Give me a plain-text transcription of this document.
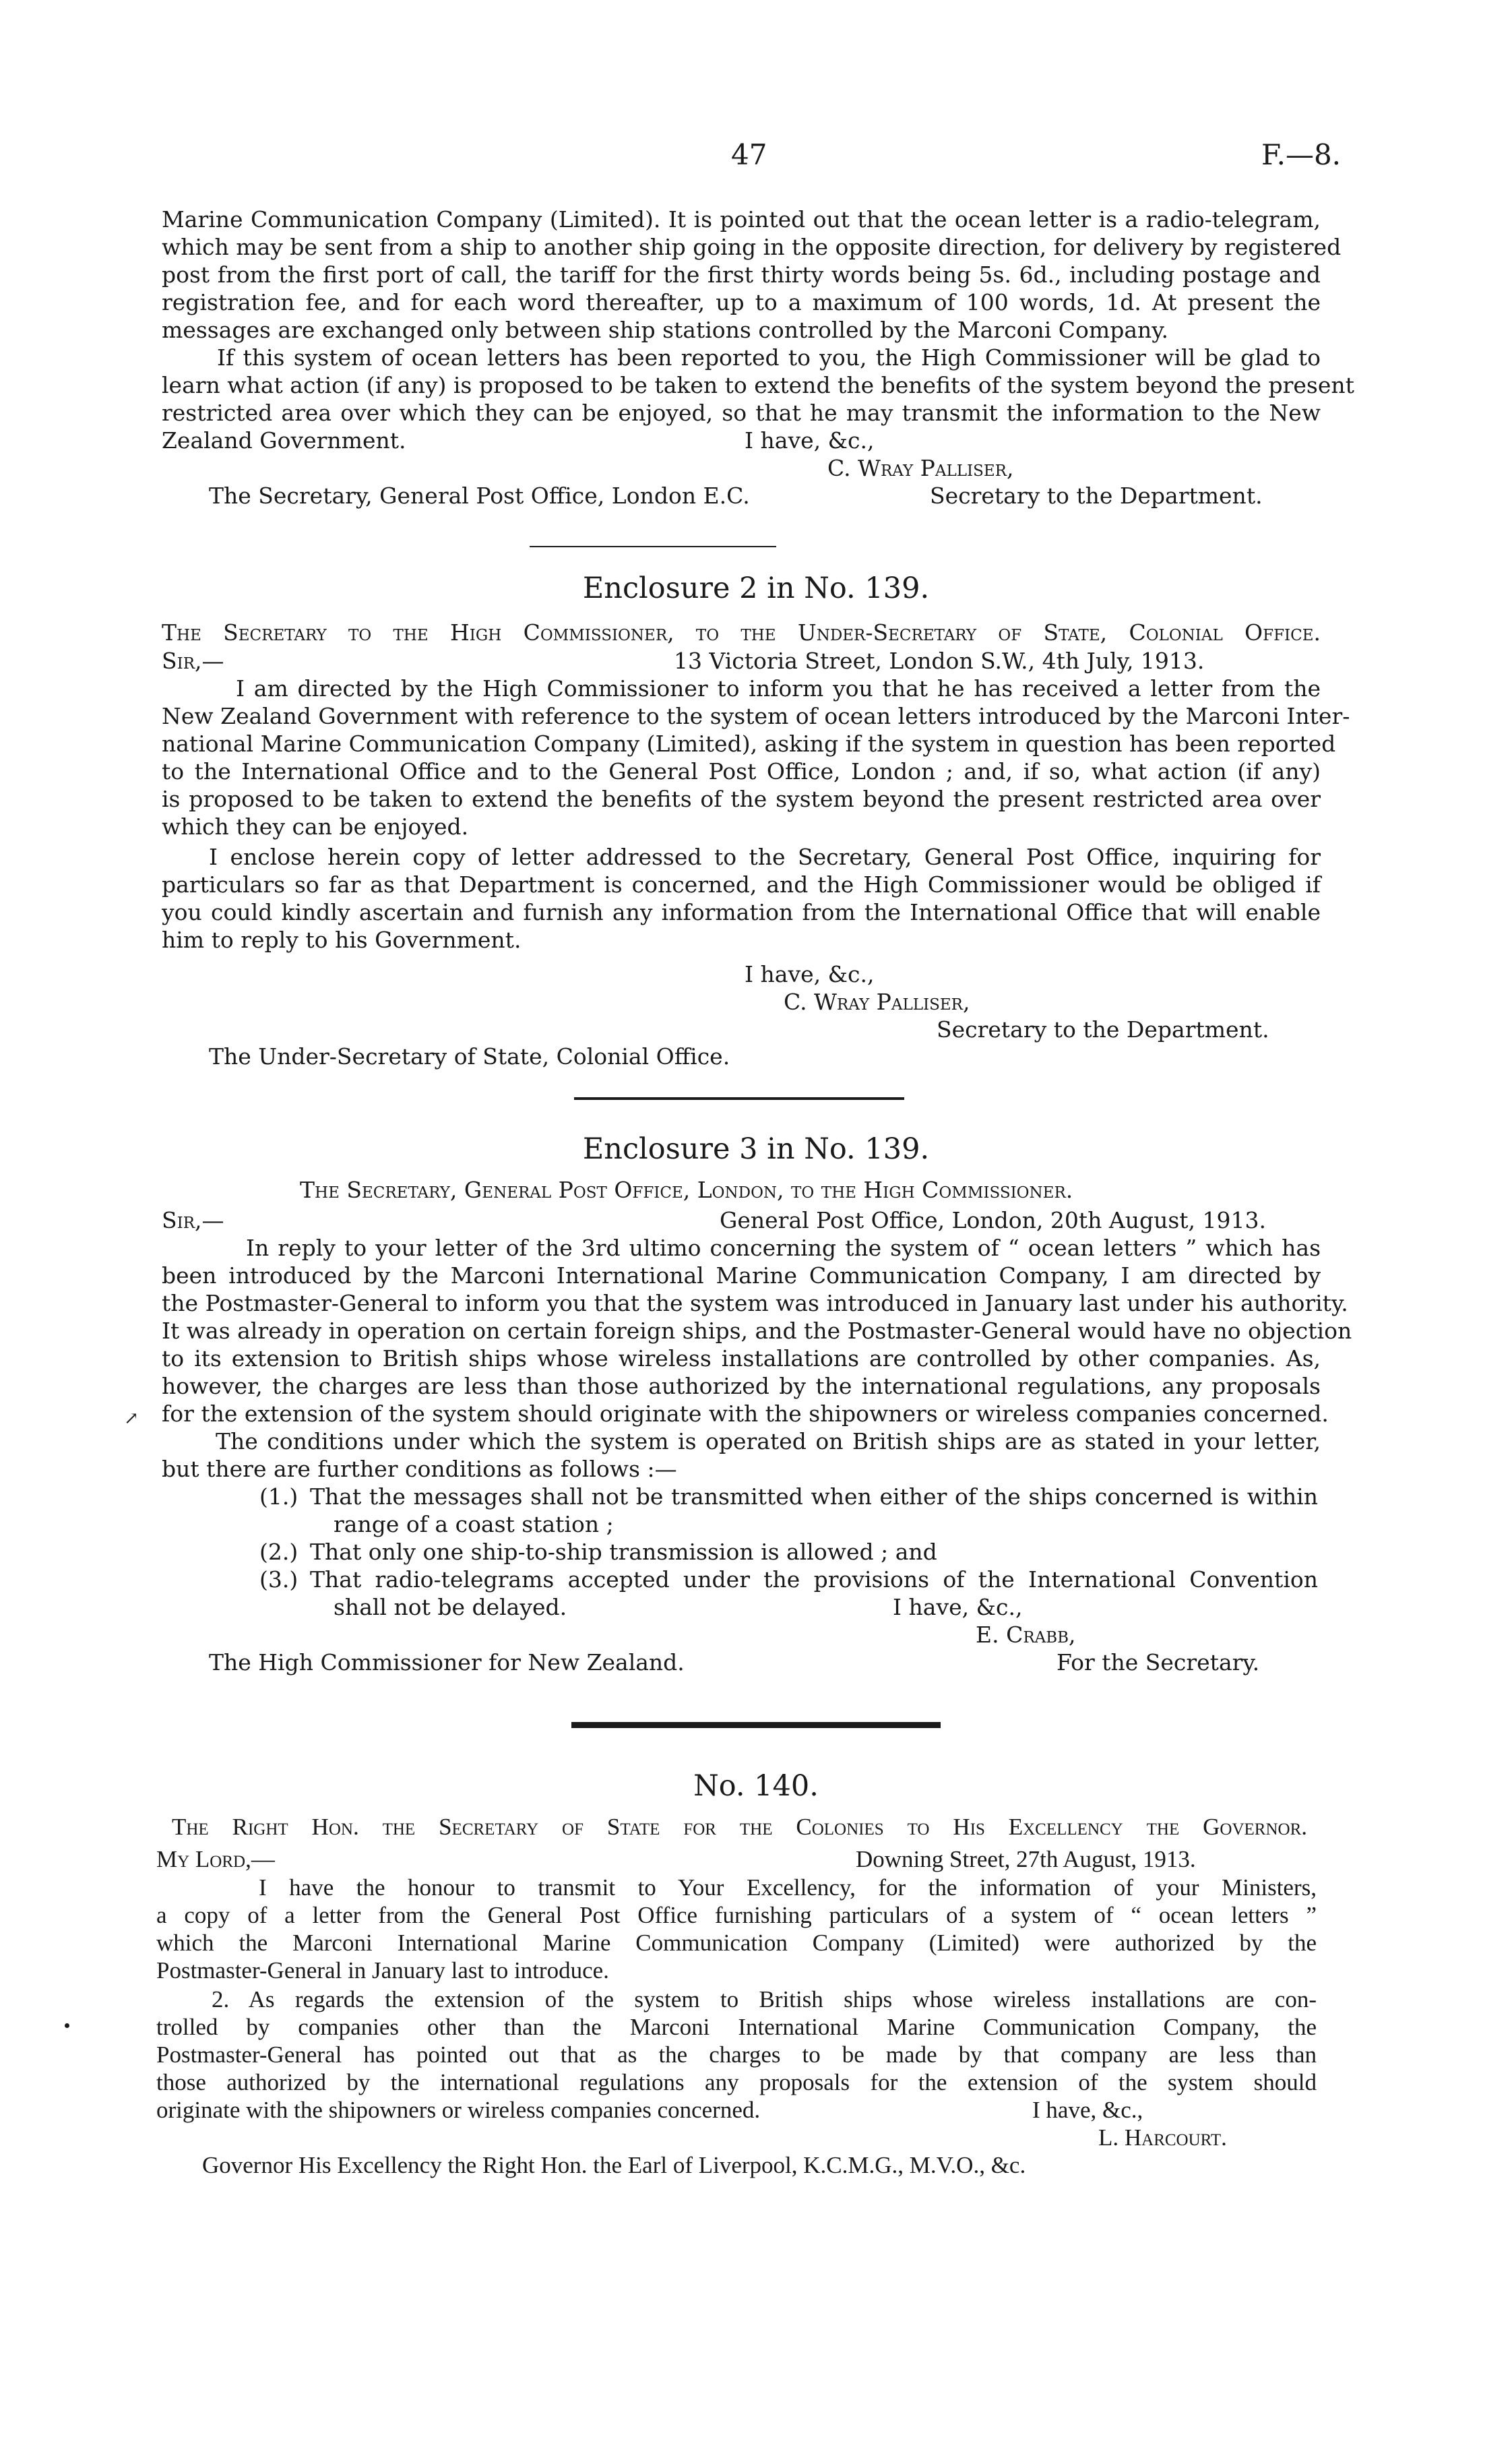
47	F.—8.
Marine Communication Company (Limited). It is pointed out that the ocean letter is a radio-telegram,
which may be sent from a ship to another ship going in the opposite direction, for delivery by registered
post from the first port of call, the tariff for the first thirty words being 5s. 6d., including postage and
registration fee, and for each word thereafter, up to a maximum of 100 words, 1d. At present the
messages are exchanged only between ship stations controlled by the Marconi Company.
If this system of ocean letters has been reported to you, the High Commissioner will be glad to
learn what action (if any) is proposed to be taken to extend the benefits of the system beyond the present
restricted area over which they can be enjoyed, so that he may transmit the information to the New
Zealand Government.	I have, &c.,
C. Wray Palliser,
The Secretary, General Post Office, London E.C.	Secretary to the Department.
Enclosure 2 in No. 139.
The Secretary to the High Commissioner, to the Under-Secretary of State, Colonial Office.
Sir,—	13 Victoria Street, London S.W., 4th July, 1913.
I am directed by the High Commissioner to inform you that he has received a letter from the
New Zealand Government with reference to the system of ocean letters introduced by the Marconi Inter-
national Marine Communication Company (Limited), asking if the system in question has been reported
to the International Office and to the General Post Office, London ; and, if so, what action (if any)
is proposed to be taken to extend the benefits of the system beyond the present restricted area over
which they can be enjoyed.
I enclose herein copy of letter addressed to the Secretary, General Post Office, inquiring for
particulars so far as that Department is concerned, and the High Commissioner would be obliged if
you could kindly ascertain and furnish any information from the International Office that will enable
him to reply to his Government.
I have, &c.,
C. Wray Palliser,
Secretary to the Department.
The Under-Secretary of State, Colonial Office.
Enclosure 3 in No. 139.
The Secretary, General Post Office, London, to the High Commissioner.
Sir,—	General Post Office, London, 20th August, 1913.
In reply to your letter of the 3rd ultimo concerning the system of “ ocean letters ” which has
been introduced by the Marconi International Marine Communication Company, I am directed by
the Postmaster-General to inform you that the system was introduced in January last under his authority.
It was already in operation on certain foreign ships, and the Postmaster-General would have no objection
to its extension to British ships whose wireless installations are controlled by other companies. As,
however, the charges are less than those authorized by the international regulations, any proposals
for the extension of the system should originate with the shipowners or wireless companies concerned.
The conditions under which the system is operated on British ships are as stated in your letter,
but there are further conditions as follows :—
(1.) That the messages shall not be transmitted when either of the ships concerned is within
range of a coast station ;
(2.) That only one ship-to-ship transmission is allowed ; and
(3.) That radio-telegrams accepted under the provisions of the International Convention
shall not be delayed.	I have, &c.,
E. Crabb,
The High Commissioner for New Zealand.	For the Secretary.
No. 140.
The Right Hon. the Secretary of State for the Colonies to His Excellency the Governor.
My Lord,—	Downing Street, 27th August, 1913.
I have the honour to transmit to Your Excellency, for the information of your Ministers,
a copy of a letter from the General Post Office furnishing particulars of a system of “ ocean letters ”
which the Marconi International Marine Communication Company (Limited) were authorized by the
Postmaster-General in January last to introduce.
2. As regards the extension of the system to British ships whose wireless installations are con-
trolled by companies other than the Marconi International Marine Communication Company, the
Postmaster-General has pointed out that as the charges to be made by that company are less than
those authorized by the international regulations any proposals for the extension of the system should
originate with the shipowners or wireless companies concerned.	I have, &c.,
L. Harcourt.
Governor His Excellency the Right Hon. the Earl of Liverpool, K.C.M.G., M.V.O., &c.
↗
